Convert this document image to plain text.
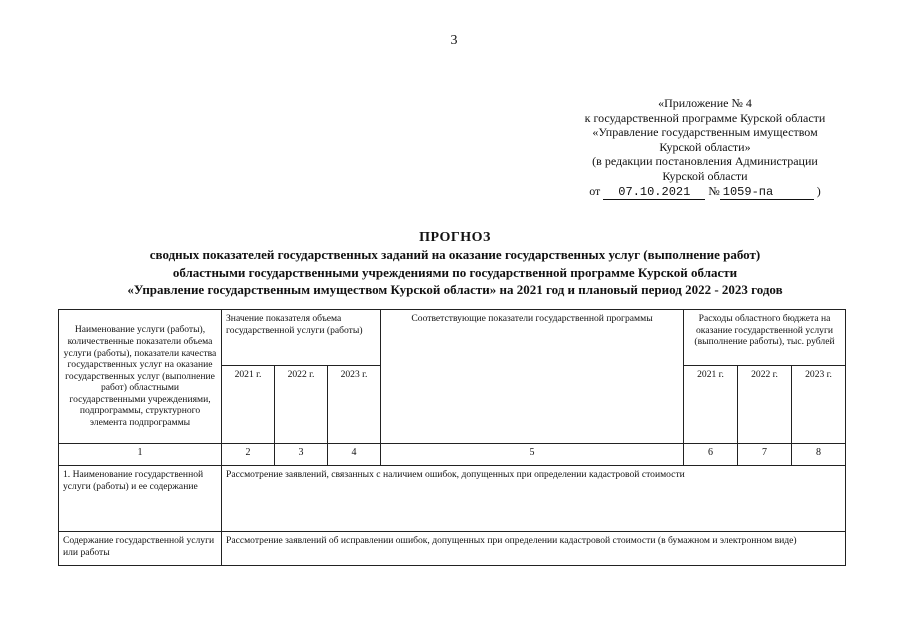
3
«Приложение № 4
к государственной программе Курской области
«Управление государственным имуществом
Курской области»
(в редакции постановления Администрации
Курской области
от 07.10.2021 № 1059-па	)
ПРОГНОЗ
сводных показателей государственных заданий на оказание государственных услуг (выполнение работ)
областными государственными учреждениями по государственной программе Курской области
«Управление государственным имуществом Курской области» на 2021 год и плановый период 2022 - 2023 годов
Наименование услуги (работы), количественные показатели объема услуги (работы), показатели качества государственных услуг на оказание государственных услуг (выполнение работ) областными государственными учреждениями, подпрограммы, структурного элемента подпрограммы	Значение показателя объема государственной услуги (работы)			Соответствующие показатели государственной программы	Расходы областного бюджета на оказание государственной услуги (выполнение работы), тыс. рублей		
	2021 г.	2022 г.	2023 г.		2021 г.	2022 г.	2023 г.
1	2	3	4	5	6	7	8
1. Наименование государственной услуги (работы) и ее содержание	Рассмотрение заявлений, связанных с наличием ошибок, допущенных при определении кадастровой стоимости						
Содержание государственной услуги или работы	Рассмотрение заявлений об исправлении ошибок, допущенных при определении кадастровой стоимости (в бумажном и электронном виде)						
